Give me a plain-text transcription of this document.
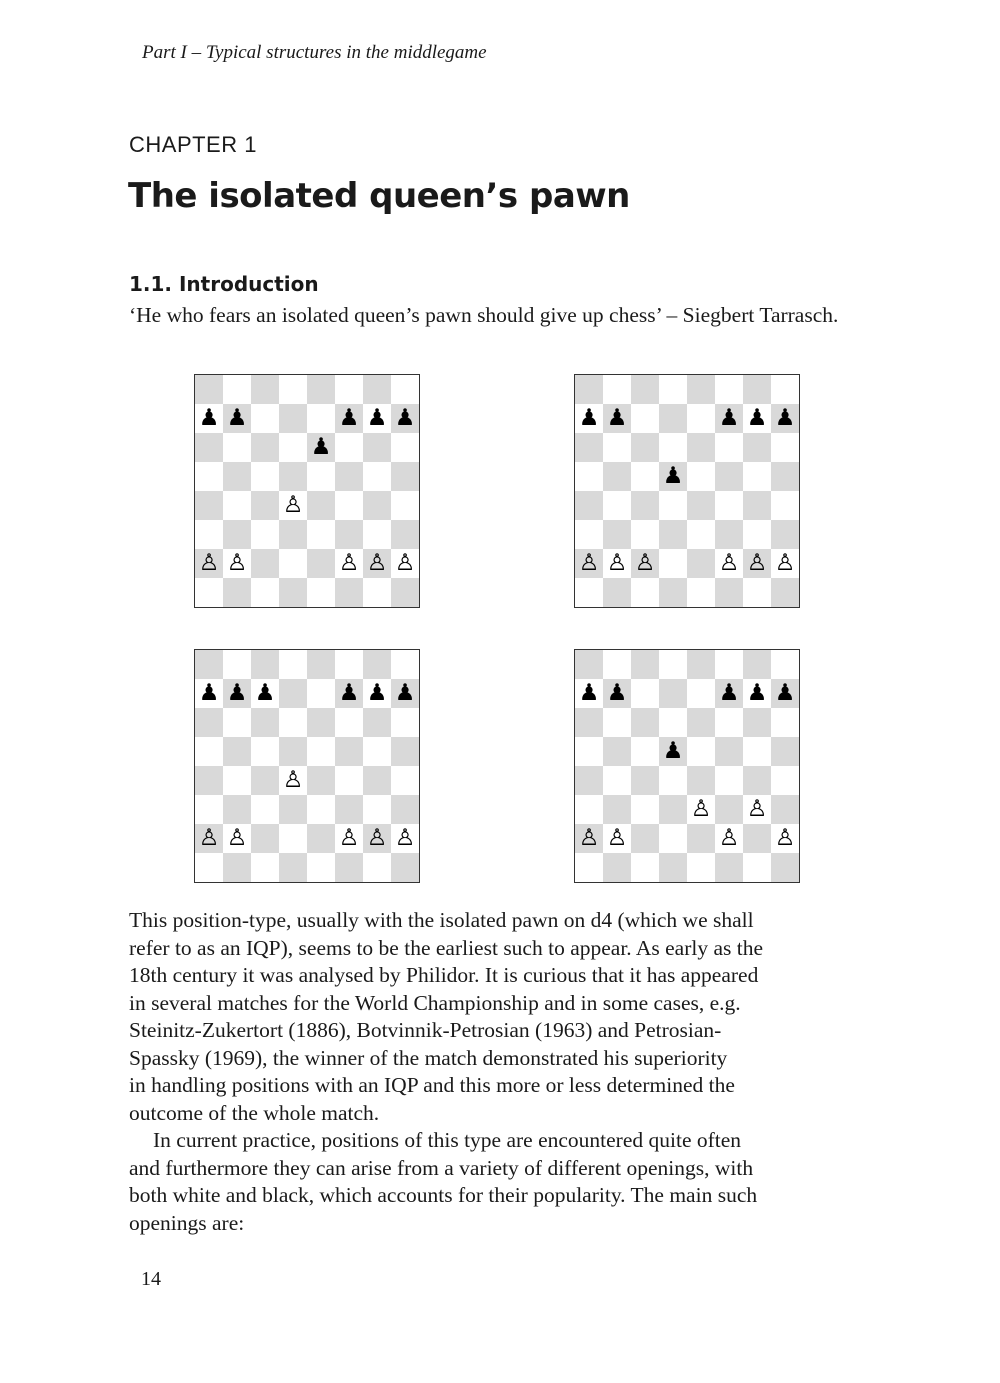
Part I – Typical structures in the middlegame
CHAPTER 1
The isolated queen’s pawn
1.1. Introduction

‘He who fears an isolated queen’s pawn should give up chess’ – Siegbert Tarrasch.

♟ ♟	♟ ♟ ♟
♟
♙
♙ ♙	♙ ♙ ♙
♟ ♟	♟ ♟ ♟
♟
♙ ♙ ♙	♙ ♙ ♙
♟ ♟ ♟	♟ ♟ ♟
♙
♙ ♙	♙ ♙ ♙
♟ ♟	♟ ♟ ♟
♟
♙ ♙
♙ ♙	♙ ♙

This position-type, usually with the isolated pawn on d4 (which we shall
refer to as an IQP), seems to be the earliest such to appear. As early as the
18th century it was analysed by Philidor. It is curious that it has appeared
in several matches for the World Championship and in some cases, e.g.
Steinitz-Zukertort (1886), Botvinnik-Petrosian (1963) and Petrosian-
Spassky (1969), the winner of the match demonstrated his superiority
in handling positions with an IQP and this more or less determined the
outcome of the whole match.

In current practice, positions of this type are encountered quite often
and furthermore they can arise from a variety of different openings, with
both white and black, which accounts for their popularity. The main such
openings are:

14
